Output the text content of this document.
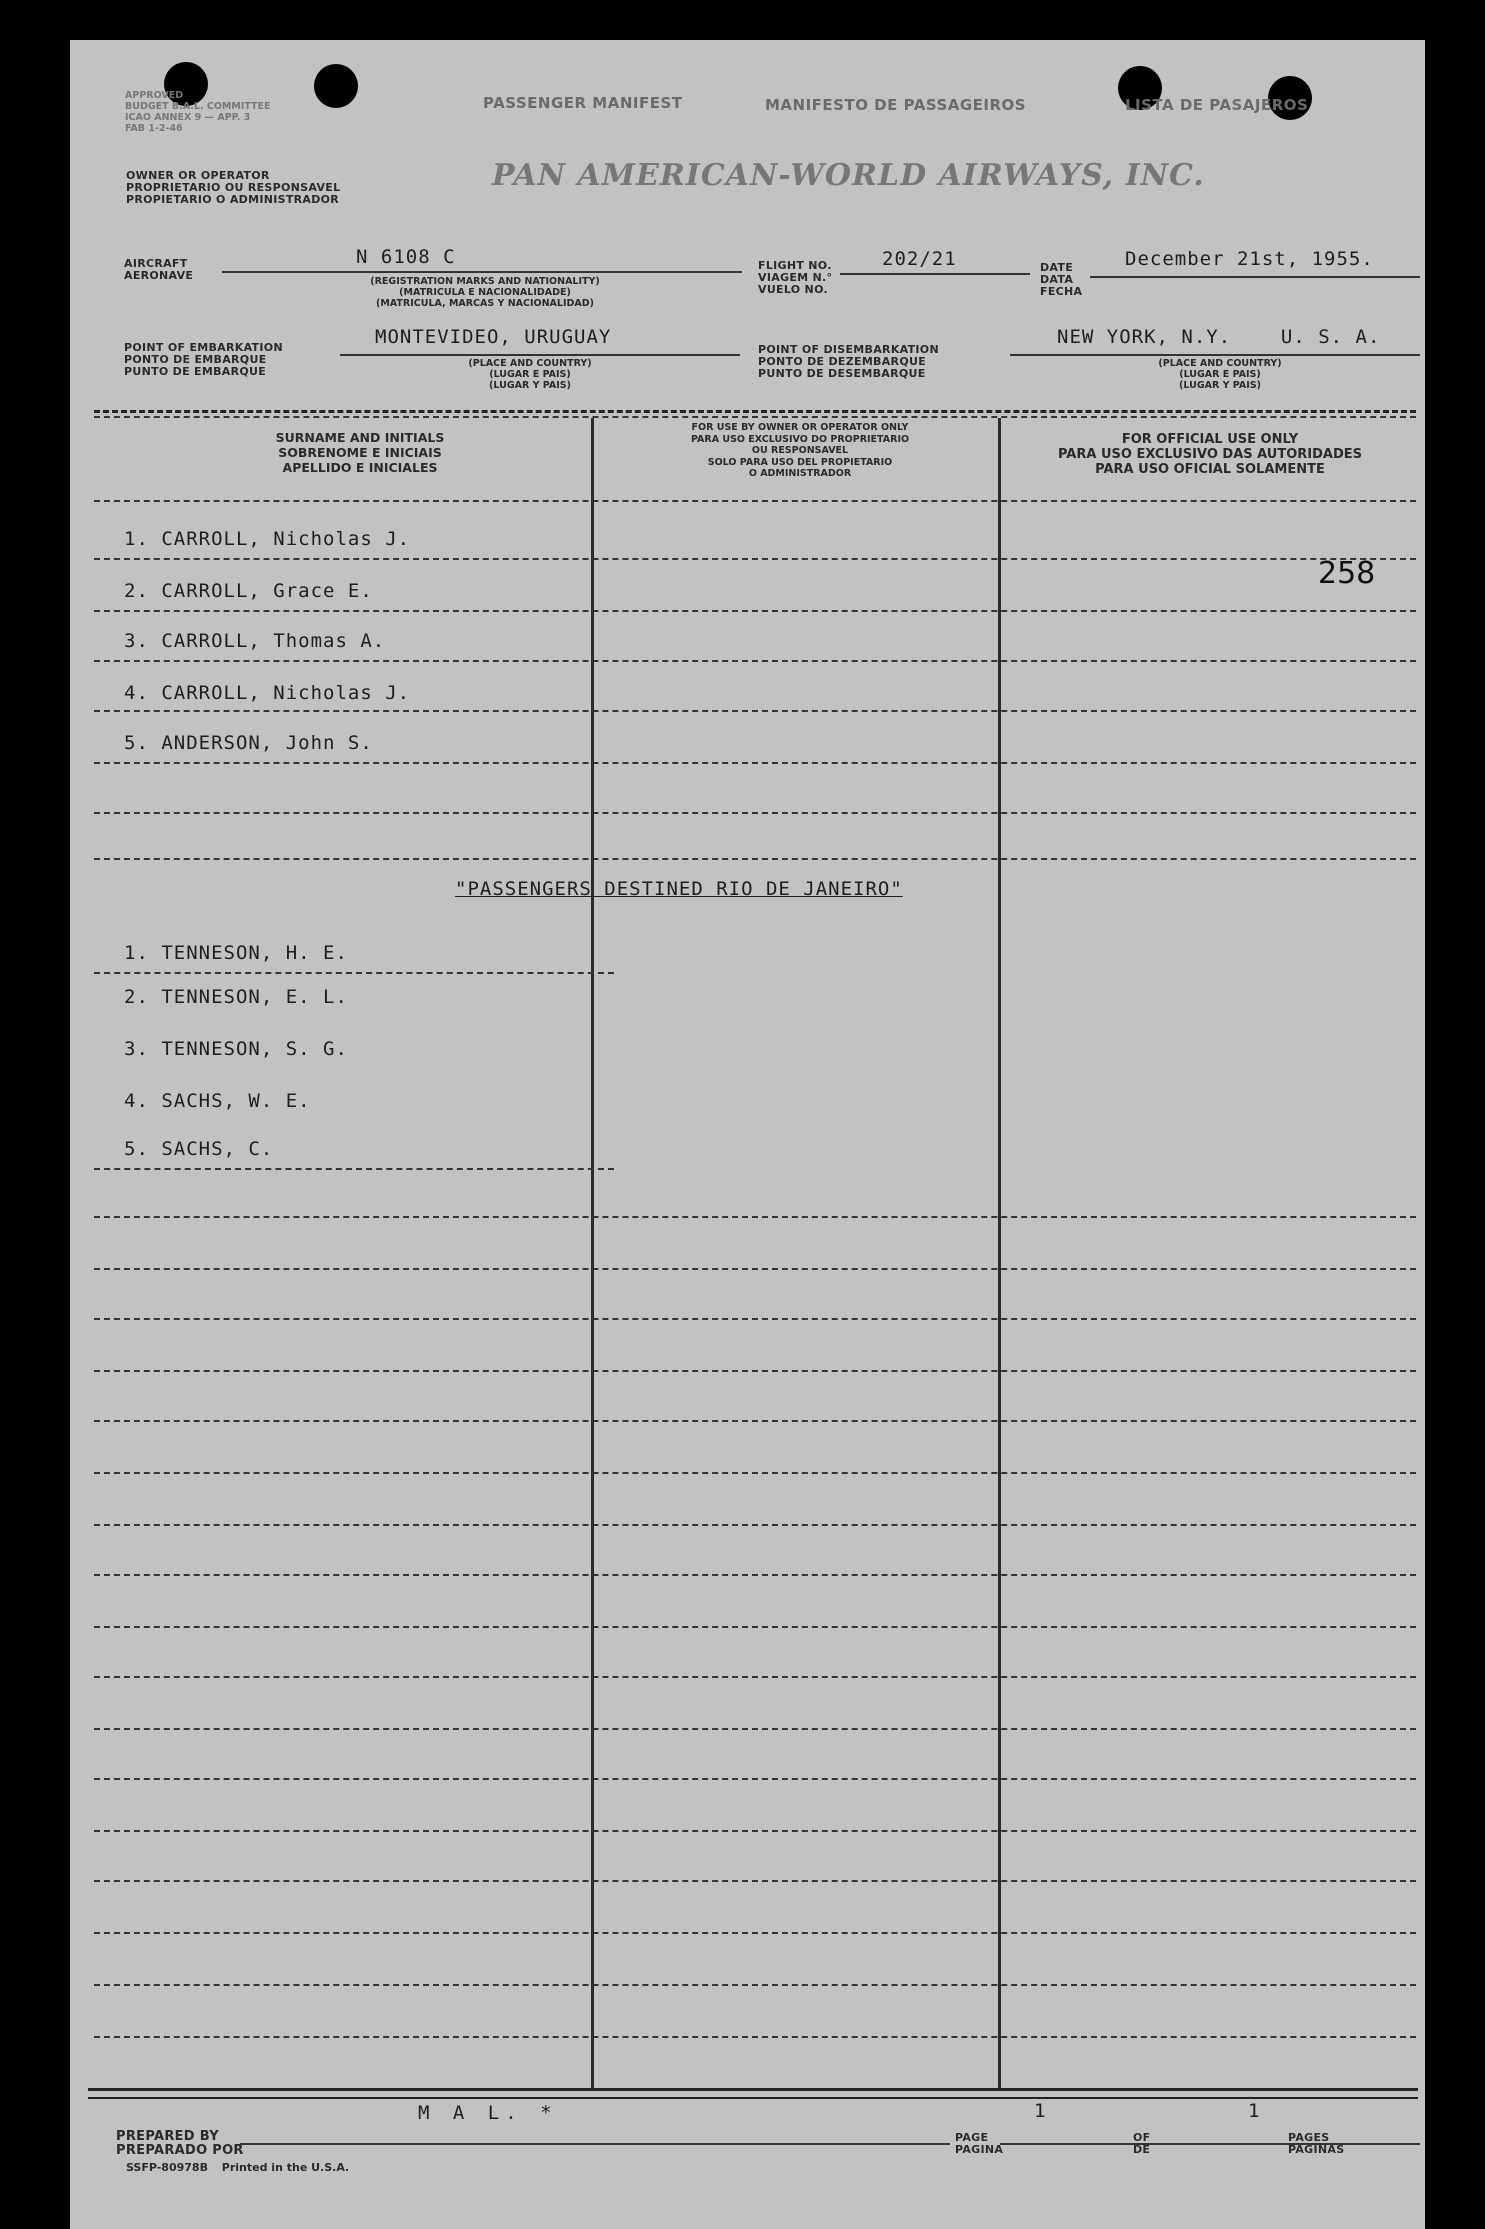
APPROVED
BUDGET B.A.L. COMMITTEE
ICAO ANNEX 9 — APP. 3
FAB 1-2-46
PASSENGER MANIFEST	MANIFESTO DE PASSAGEIROS	LISTA DE PASAJEROS
OWNER OR OPERATOR
PROPRIETARIO OU RESPONSAVEL
PROPIETARIO O ADMINISTRADOR
PAN AMERICAN-WORLD AIRWAYS, INC.
AIRCRAFT
AERONAVE
N 6108 C
(REGISTRATION MARKS AND NATIONALITY)
(MATRICULA E NACIONALIDADE)
(MATRICULA, MARCAS Y NACIONALIDAD)
FLIGHT NO.
VIAGEM N.°
VUELO NO.
202/21	DATE
DATA
FECHA
December 21st, 1955.
POINT OF EMBARKATION
PONTO DE EMBARQUE
PUNTO DE EMBARQUE
MONTEVIDEO, URUGUAY
(PLACE AND COUNTRY)
(LUGAR E PAIS)
(LUGAR Y PAIS)
POINT OF DISEMBARKATION
PONTO DE DEZEMBARQUE
PUNTO DE DESEMBARQUE
NEW YORK, N.Y.    U. S. A.
(PLACE AND COUNTRY)
(LUGAR E PAIS)
(LUGAR Y PAIS)
SURNAME AND INITIALS
SOBRENOME E INICIAIS
APELLIDO E INICIALES
FOR USE BY OWNER OR OPERATOR ONLY
PARA USO EXCLUSIVO DO PROPRIETARIO
OU RESPONSAVEL
SOLO PARA USO DEL PROPIETARIO
O ADMINISTRADOR
FOR OFFICIAL USE ONLY
PARA USO EXCLUSIVO DAS AUTORIDADES
PARA USO OFICIAL SOLAMENTE
258
1. CARROLL, Nicholas J.
2. CARROLL, Grace E.
3. CARROLL, Thomas A.
4. CARROLL, Nicholas J.
5. ANDERSON, John S.
"PASSENGERS DESTINED RIO DE JANEIRO"
1. TENNESON, H. E.
2. TENNESON, E. L.
3. TENNESON, S. G.
4. SACHS, W. E.
5. SACHS, C.
M A L. *	1	1
PREPARED BY
PREPARADO POR
SSFP-80978B Printed in the U.S.A.
PAGE
PAGINA
OF
DE
PAGES
PAGINAS
